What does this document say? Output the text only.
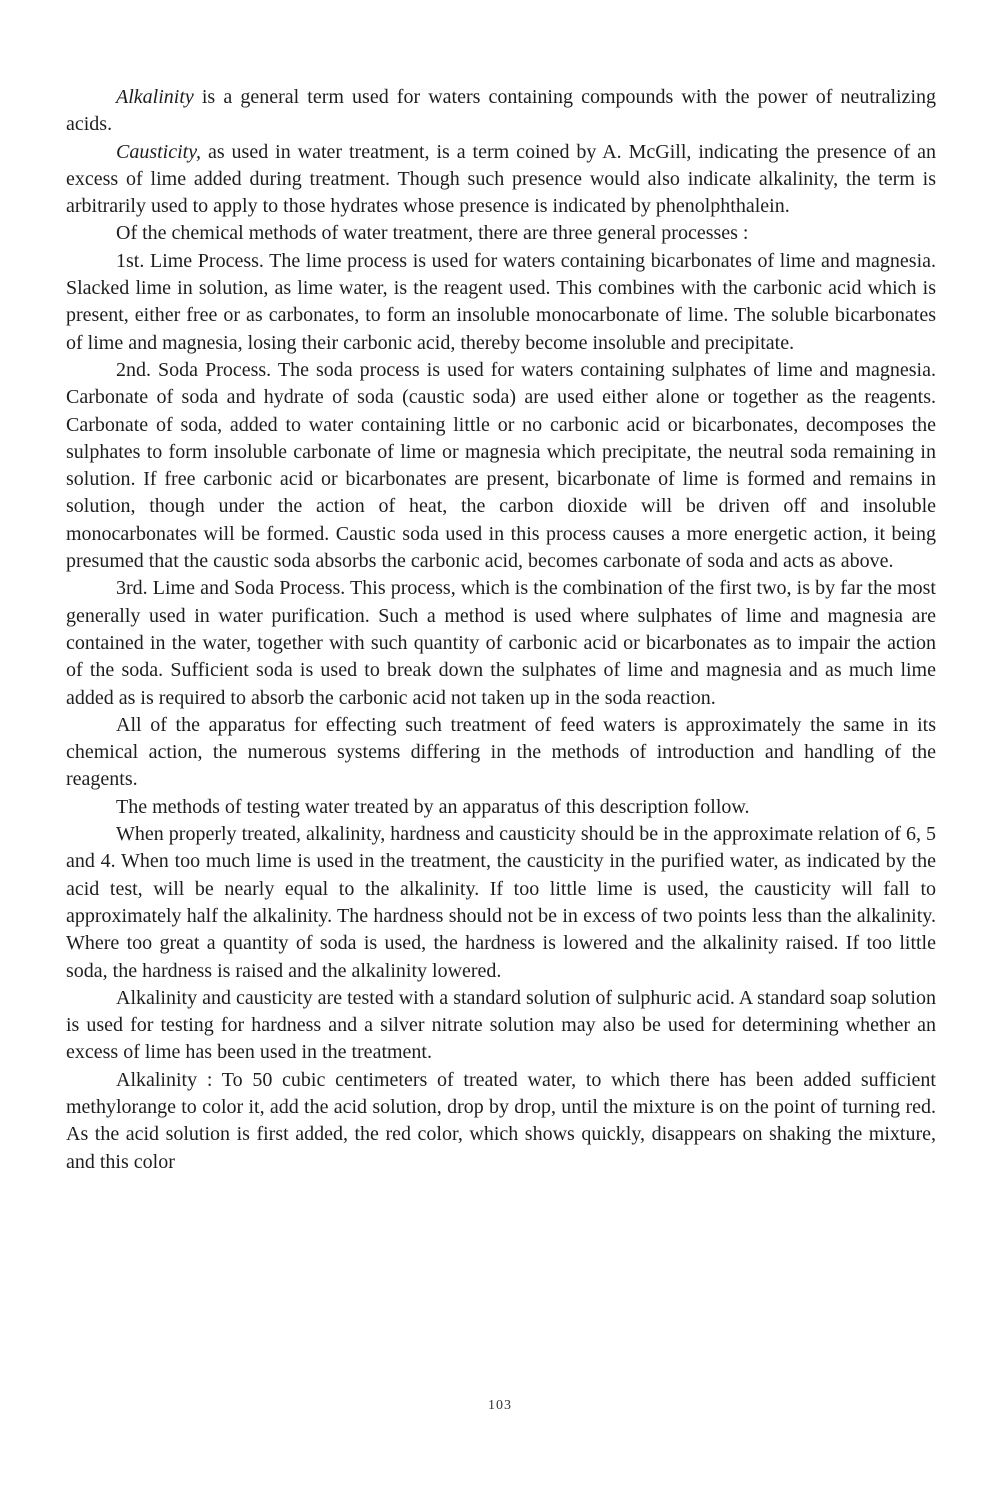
Alkalinity is a general term used for waters containing compounds with the power of neutralizing acids.

Causticity, as used in water treatment, is a term coined by A. McGill, indicating the presence of an excess of lime added during treatment. Though such presence would also indicate alkalinity, the term is arbitrarily used to apply to those hydrates whose presence is indicated by phenolphthalein.

Of the chemical methods of water treatment, there are three general processes :

1st. Lime Process. The lime process is used for waters containing bicarbonates of lime and magnesia. Slacked lime in solution, as lime water, is the reagent used. This combines with the carbonic acid which is present, either free or as carbonates, to form an insoluble monocarbonate of lime. The soluble bicarbonates of lime and magnesia, losing their carbonic acid, thereby become insoluble and precipitate.

2nd. Soda Process. The soda process is used for waters containing sulphates of lime and magnesia. Carbonate of soda and hydrate of soda (caustic soda) are used either alone or together as the reagents. Carbonate of soda, added to water containing little or no carbonic acid or bicarbonates, decomposes the sulphates to form insoluble carbonate of lime or magnesia which precipitate, the neutral soda remaining in solution. If free carbonic acid or bicarbonates are present, bicarbonate of lime is formed and remains in solution, though under the action of heat, the carbon dioxide will be driven off and insoluble monocarbonates will be formed. Caustic soda used in this process causes a more energetic action, it being presumed that the caustic soda absorbs the carbonic acid, becomes carbonate of soda and acts as above.

3rd. Lime and Soda Process. This process, which is the combination of the first two, is by far the most generally used in water purification. Such a method is used where sulphates of lime and magnesia are contained in the water, together with such quantity of carbonic acid or bicarbonates as to impair the action of the soda. Sufficient soda is used to break down the sulphates of lime and magnesia and as much lime added as is required to absorb the carbonic acid not taken up in the soda reaction.

All of the apparatus for effecting such treatment of feed waters is approximately the same in its chemical action, the numerous systems differing in the methods of introduction and handling of the reagents.

The methods of testing water treated by an apparatus of this description follow.

When properly treated, alkalinity, hardness and causticity should be in the approximate relation of 6, 5 and 4. When too much lime is used in the treatment, the causticity in the purified water, as indicated by the acid test, will be nearly equal to the alkalinity. If too little lime is used, the causticity will fall to approximately half the alkalinity. The hardness should not be in excess of two points less than the alkalinity. Where too great a quantity of soda is used, the hardness is lowered and the alkalinity raised. If too little soda, the hardness is raised and the alkalinity lowered.

Alkalinity and causticity are tested with a standard solution of sulphuric acid. A standard soap solution is used for testing for hardness and a silver nitrate solution may also be used for determining whether an excess of lime has been used in the treatment.

Alkalinity : To 50 cubic centimeters of treated water, to which there has been added sufficient methylorange to color it, add the acid solution, drop by drop, until the mixture is on the point of turning red. As the acid solution is first added, the red color, which shows quickly, disappears on shaking the mixture, and this color

103
